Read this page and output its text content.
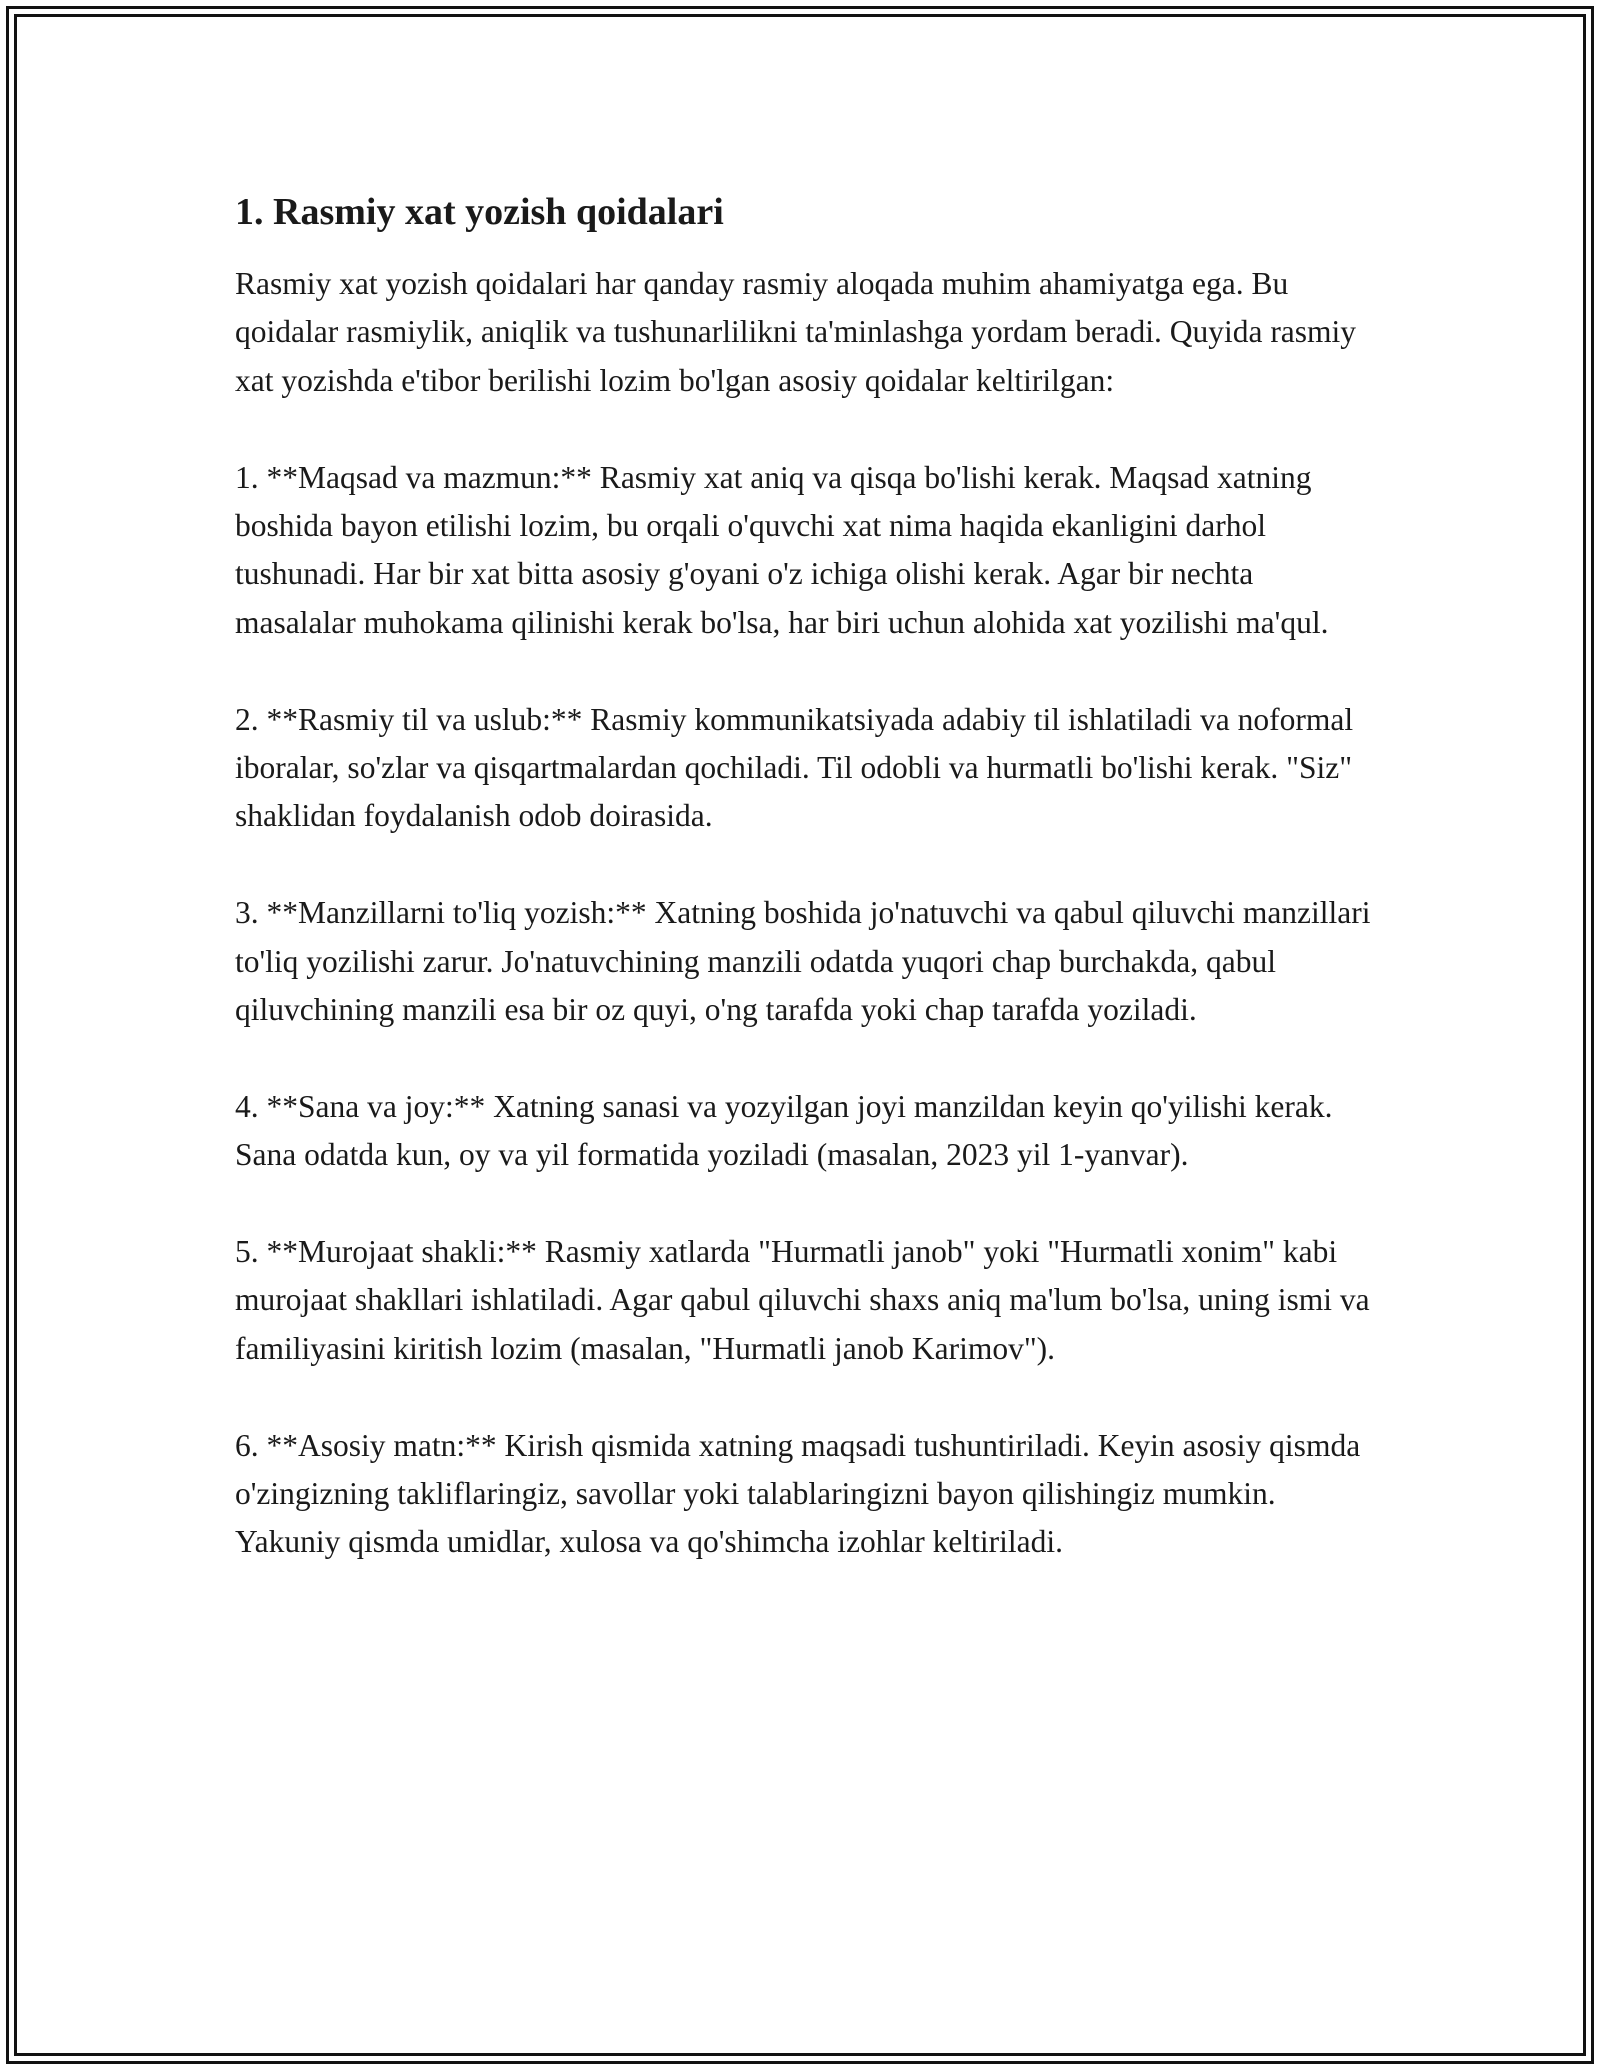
1. Rasmiy xat yozish qoidalari

Rasmiy xat yozish qoidalari har qanday rasmiy aloqada muhim ahamiyatga ega. Bu qoidalar rasmiylik, aniqlik va tushunarlilikni ta'minlashga yordam beradi. Quyida rasmiy xat yozishda e'tibor berilishi lozim bo'lgan asosiy qoidalar keltirilgan:

1. **Maqsad va mazmun:** Rasmiy xat aniq va qisqa bo'lishi kerak. Maqsad xatning boshida bayon etilishi lozim, bu orqali o'quvchi xat nima haqida ekanligini darhol tushunadi. Har bir xat bitta asosiy g'oyani o'z ichiga olishi kerak. Agar bir nechta masalalar muhokama qilinishi kerak bo'lsa, har biri uchun alohida xat yozilishi ma'qul.

2. **Rasmiy til va uslub:** Rasmiy kommunikatsiyada adabiy til ishlatiladi va noformal iboralar, so'zlar va qisqartmalardan qochiladi. Til odobli va hurmatli bo'lishi kerak. "Siz" shaklidan foydalanish odob doirasida.

3. **Manzillarni to'liq yozish:** Xatning boshida jo'natuvchi va qabul qiluvchi manzillari to'liq yozilishi zarur. Jo'natuvchining manzili odatda yuqori chap burchakda, qabul qiluvchining manzili esa bir oz quyi, o'ng tarafda yoki chap tarafda yoziladi.

4. **Sana va joy:** Xatning sanasi va yozyilgan joyi manzildan keyin qo'yilishi kerak. Sana odatda kun, oy va yil formatida yoziladi (masalan, 2023 yil 1-yanvar).

5. **Murojaat shakli:** Rasmiy xatlarda "Hurmatli janob" yoki "Hurmatli xonim" kabi murojaat shakllari ishlatiladi. Agar qabul qiluvchi shaxs aniq ma'lum bo'lsa, uning ismi va familiyasini kiritish lozim (masalan, "Hurmatli janob Karimov").

6. **Asosiy matn:** Kirish qismida xatning maqsadi tushuntiriladi. Keyin asosiy qismda o'zingizning takliflaringiz, savollar yoki talablaringizni bayon qilishingiz mumkin. Yakuniy qismda umidlar, xulosa va qo'shimcha izohlar keltiriladi.
